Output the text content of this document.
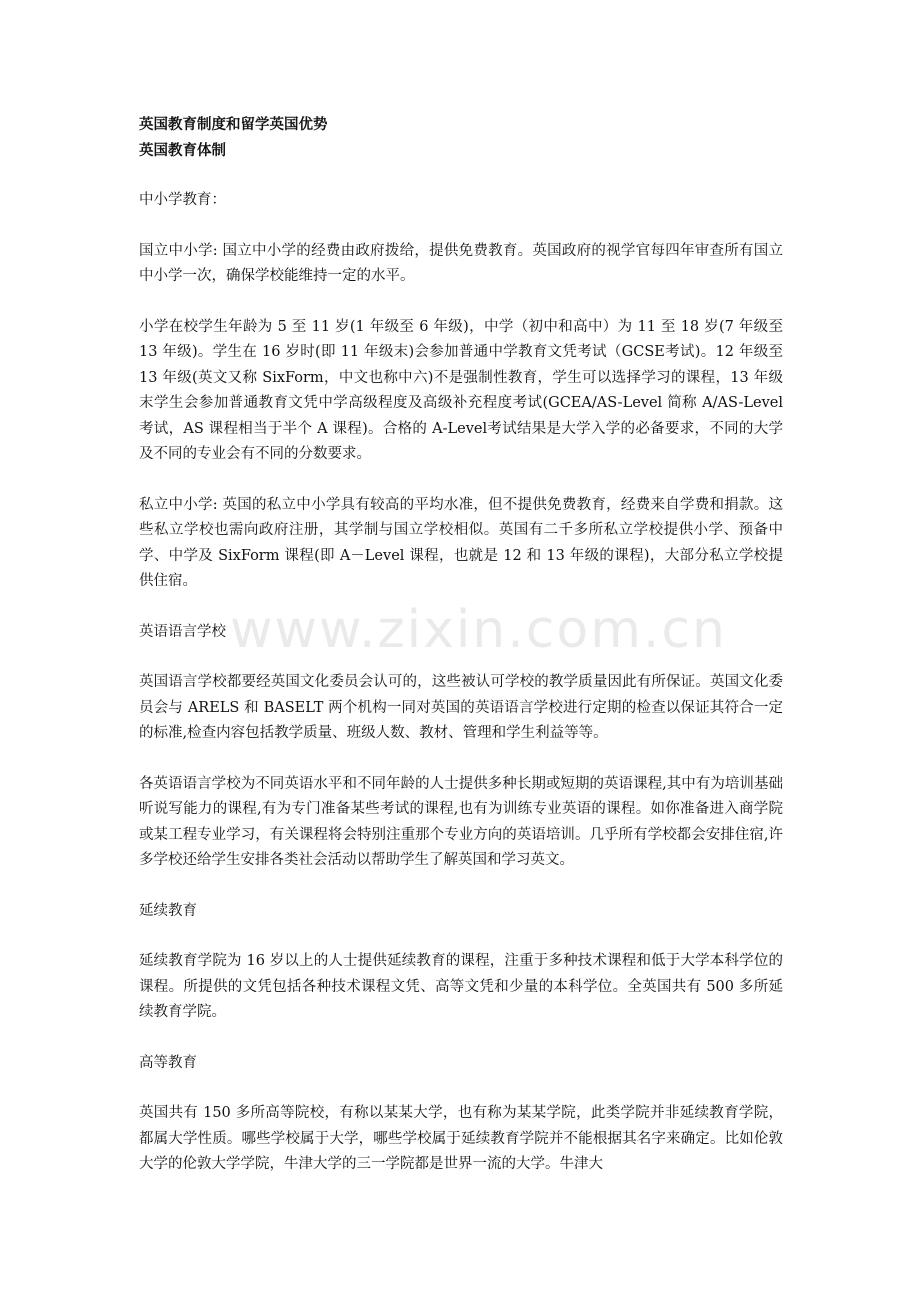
英国教育制度和留学英国优势
英国教育体制
中小学教育：
国立中小学: 国立中小学的经费由政府拨给，提供免费教育。英国政府的视学官每四年审查所有国立中小学一次，确保学校能维持一定的水平。
小学在校学生年龄为 5 至 11 岁(1 年级至 6 年级)，中学（初中和高中）为 11 至 18 岁(7 年级至 13 年级)。学生在 16 岁时(即 11 年级末)会参加普通中学教育文凭考试（GCSE考试)。12 年级至 13 年级(英文又称 SixForm，中文也称中六)不是强制性教育，学生可以选择学习的课程，13 年级末学生会参加普通教育文凭中学高级程度及高级补充程度考试(GCEA/AS-Level 简称 A/AS-Level 考试，AS 课程相当于半个 A 课程)。合格的 A-Level考试结果是大学入学的必备要求，不同的大学及不同的专业会有不同的分数要求。
私立中小学: 英国的私立中小学具有较高的平均水准，但不提供免费教育，经费来自学费和捐款。这些私立学校也需向政府注册，其学制与国立学校相似。英国有二千多所私立学校提供小学、预备中学、中学及 SixForm 课程(即 A－Level 课程，也就是 12 和 13 年级的课程)，大部分私立学校提供住宿。
英语语言学校
英国语言学校都要经英国文化委员会认可的，这些被认可学校的教学质量因此有所保证。英国文化委员会与 ARELS 和 BASELT 两个机构一同对英国的英语语言学校进行定期的检查以保证其符合一定的标准,检查内容包括教学质量、班级人数、教材、管理和学生利益等等。
各英语语言学校为不同英语水平和不同年龄的人士提供多种长期或短期的英语课程,其中有为培训基础听说写能力的课程,有为专门准备某些考试的课程,也有为训练专业英语的课程。如你准备进入商学院或某工程专业学习，有关课程将会特别注重那个专业方向的英语培训。几乎所有学校都会安排住宿,许多学校还给学生安排各类社会活动以帮助学生了解英国和学习英文。
延续教育
延续教育学院为 16 岁以上的人士提供延续教育的课程，注重于多种技术课程和低于大学本科学位的课程。所提供的文凭包括各种技术课程文凭、高等文凭和少量的本科学位。全英国共有 500 多所延续教育学院。
高等教育
英国共有 150 多所高等院校，有称以某某大学，也有称为某某学院，此类学院并非延续教育学院，都属大学性质。哪些学校属于大学，哪些学校属于延续教育学院并不能根据其名字来确定。比如伦敦大学的伦敦大学学院，牛津大学的三一学院都是世界一流的大学。牛津大
www.zixin.com.cn
